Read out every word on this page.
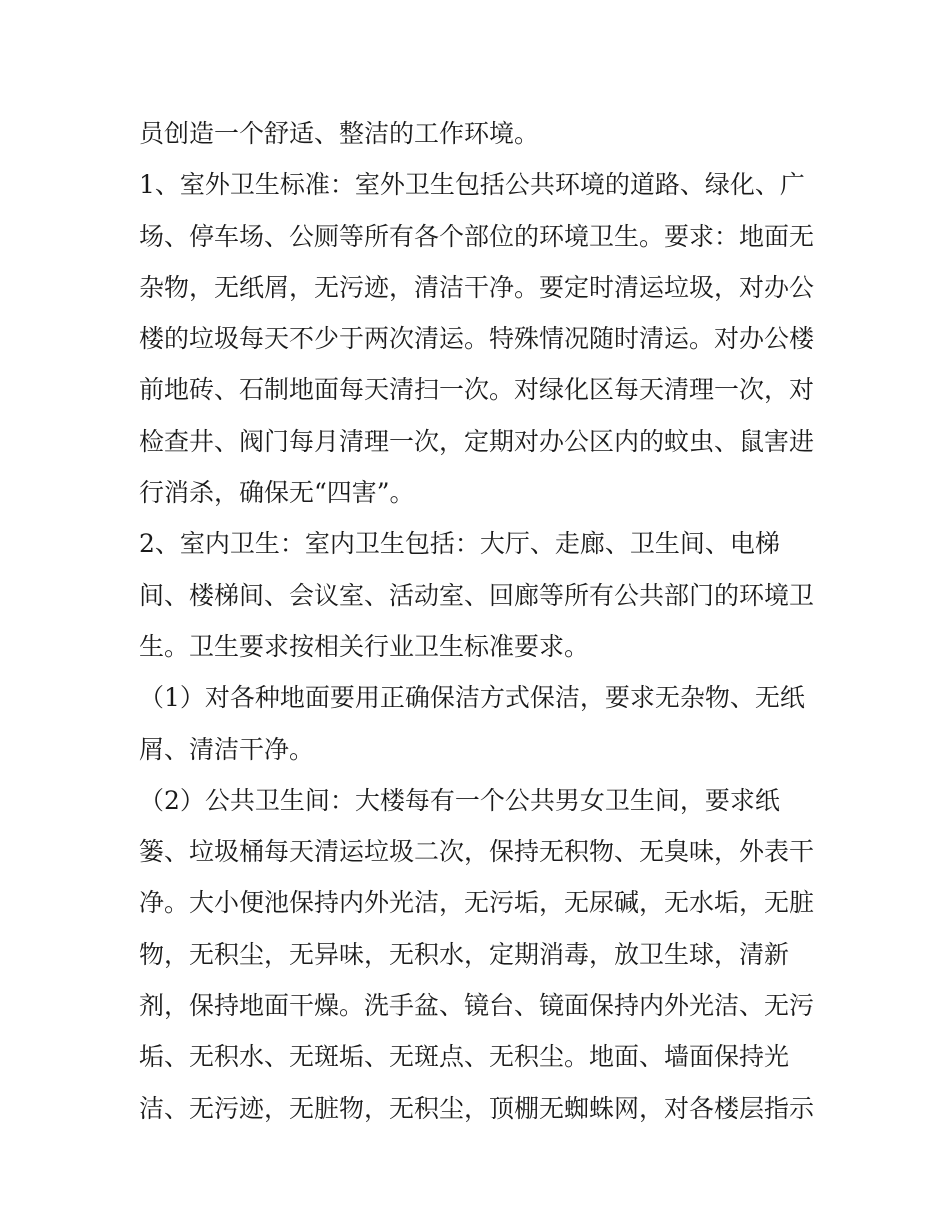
员创造一个舒适、整洁的工作环境。
1、室外卫生标准：室外卫生包括公共环境的道路、绿化、广
场、停车场、公厕等所有各个部位的环境卫生。要求：地面无
杂物，无纸屑，无污迹，清洁干净。要定时清运垃圾，对办公
楼的垃圾每天不少于两次清运。特殊情况随时清运。对办公楼
前地砖、石制地面每天清扫一次。对绿化区每天清理一次，对
检查井、阀门每月清理一次，定期对办公区内的蚊虫、鼠害进
行消杀，确保无“四害”。
2、室内卫生：室内卫生包括：大厅、走廊、卫生间、电梯
间、楼梯间、会议室、活动室、回廊等所有公共部门的环境卫
生。卫生要求按相关行业卫生标准要求。
（1）对各种地面要用正确保洁方式保洁，要求无杂物、无纸
屑、清洁干净。
（2）公共卫生间：大楼每有一个公共男女卫生间，要求纸
篓、垃圾桶每天清运垃圾二次，保持无积物、无臭味，外表干
净。大小便池保持内外光洁，无污垢，无尿碱，无水垢，无脏
物，无积尘，无异味，无积水，定期消毒，放卫生球，清新
剂，保持地面干燥。洗手盆、镜台、镜面保持内外光洁、无污
垢、无积水、无斑垢、无斑点、无积尘。地面、墙面保持光
洁、无污迹，无脏物，无积尘，顶棚无蜘蛛网，对各楼层指示
